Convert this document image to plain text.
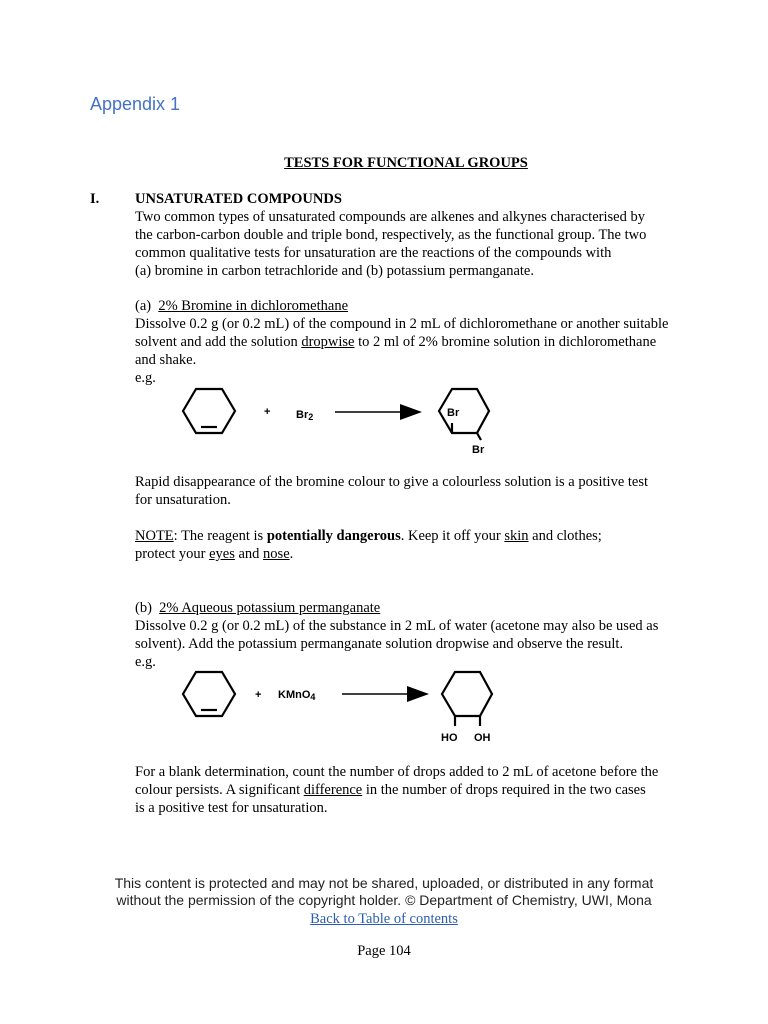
Appendix 1
TESTS FOR FUNCTIONAL GROUPS
I. UNSATURATED COMPOUNDS
Two common types of unsaturated compounds are alkenes and alkynes characterised by
the carbon-carbon double and triple bond, respectively, as the functional group. The two
common qualitative tests for unsaturation are the reactions of the compounds with
(a) bromine in carbon tetrachloride and (b) potassium permanganate.
(a) 2% Bromine in dichloromethane
Dissolve 0.2 g (or 0.2 mL) of the compound in 2 mL of dichloromethane or another suitable
solvent and add the solution dropwise to 2 ml of 2% bromine solution in dichloromethane
and shake.
e.g.
+ Br2	Br
Br
Rapid disappearance of the bromine colour to give a colourless solution is a positive test
for unsaturation.
NOTE: The reagent is potentially dangerous. Keep it off your skin and clothes;
protect your eyes and nose.
(b) 2% Aqueous potassium permanganate
Dissolve 0.2 g (or 0.2 mL) of the substance in 2 mL of water (acetone may also be used as
solvent). Add the potassium permanganate solution dropwise and observe the result.
e.g.
+ KMnO4
HO OH
For a blank determination, count the number of drops added to 2 mL of acetone before the
colour persists. A significant difference in the number of drops required in the two cases
is a positive test for unsaturation.
This content is protected and may not be shared, uploaded, or distributed in any format
without the permission of the copyright holder. © Department of Chemistry, UWI, Mona
Back to Table of contents
Page 104
